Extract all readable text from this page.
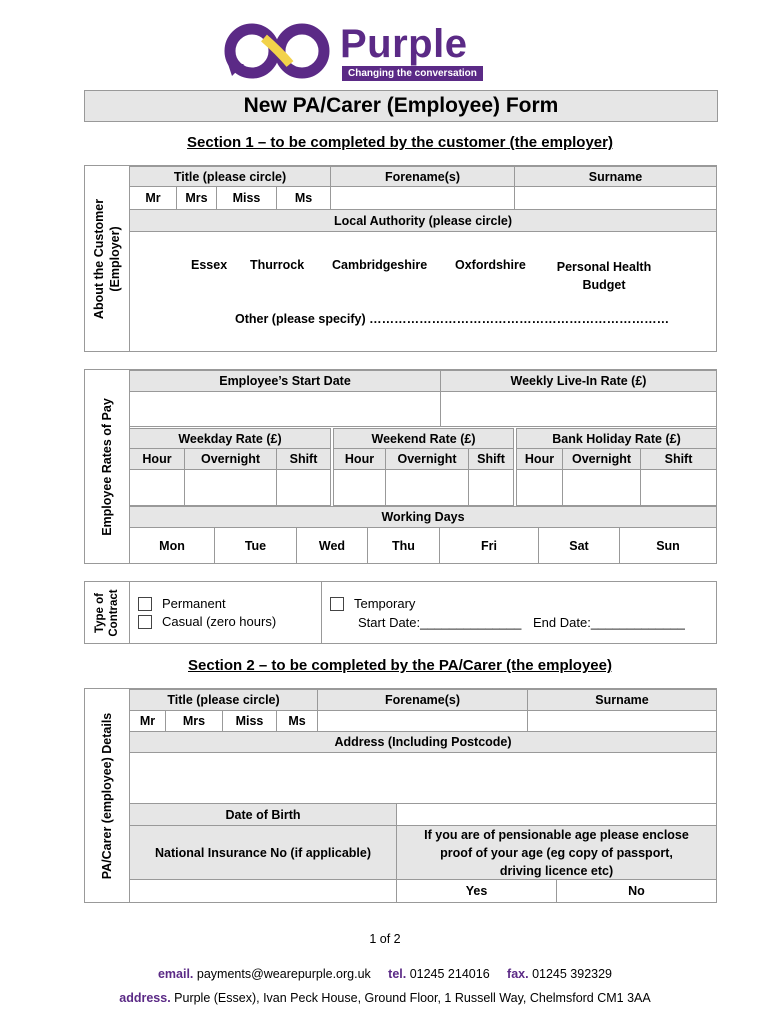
Purple
Changing the conversation
New PA/Carer (Employee) Form
Section 1 – to be completed by the customer (the employer)
About the Customer (Employer)
Title (please circle)	Forename(s)	Surname
Mr	Mrs	Miss	Ms
Local Authority (please circle)
Essex Thurrock Cambridgeshire Oxfordshire	Personal Health
Budget
Other (please specify) ………………………………………………………………
Employee Rates of Pay
Employee’s Start Date	Weekly Live-In Rate (£)
Weekday Rate (£)	Weekend Rate (£)	Bank Holiday Rate (£)
Hour	Overnight	Shift	Hour	Overnight	Shift	Hour	Overnight	Shift
Working Days
Mon	Tue	Wed	Thu	Fri	Sat	Sun
Type of Contract	Permanent
Casual (zero hours)
Temporary
Start Date:______________ End Date:_____________
Section 2 – to be completed by the PA/Carer (the employee)
PA/Carer (employee) Details
Title (please circle)	Forename(s)	Surname
Mr	Mrs	Miss	Ms
Address (Including Postcode)
Date of Birth
National Insurance No (if applicable)
If you are of pensionable age please enclose
proof of your age (eg copy of passport,
driving licence etc)
Yes	No
1 of 2
email. payments@wearepurple.org.uk tel. 01245 214016 fax. 01245 392329
address. Purple (Essex), Ivan Peck House, Ground Floor, 1 Russell Way, Chelmsford CM1 3AA
